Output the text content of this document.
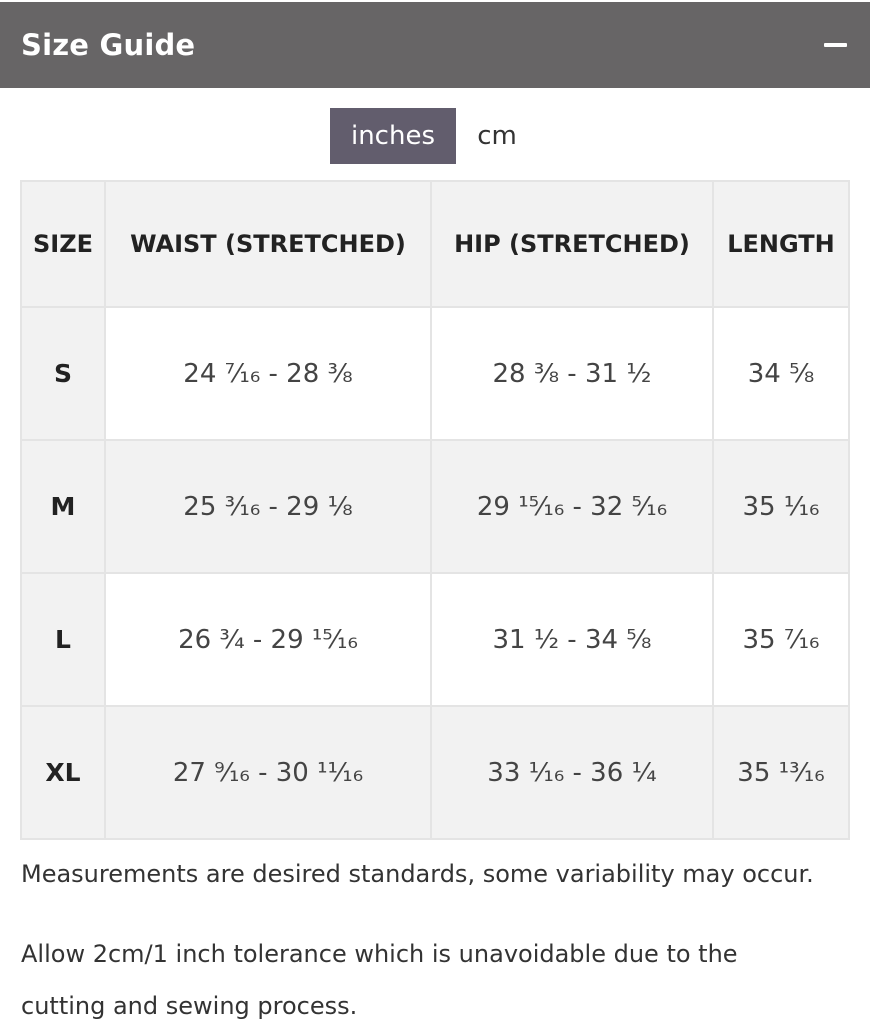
Size Guide
inches	cm
SIZE	WAIST (STRETCHED)	HIP (STRETCHED)	LENGTH
S	24 ⁷⁄₁₆ - 28 ³⁄₈	28 ³⁄₈ - 31 ¹⁄₂	34 ⁵⁄₈
M	25 ³⁄₁₆ - 29 ¹⁄₈	29 ¹⁵⁄₁₆ - 32 ⁵⁄₁₆	35 ¹⁄₁₆
L	26 ³⁄₄ - 29 ¹⁵⁄₁₆	31 ¹⁄₂ - 34 ⁵⁄₈	35 ⁷⁄₁₆
XL	27 ⁹⁄₁₆ - 30 ¹¹⁄₁₆	33 ¹⁄₁₆ - 36 ¹⁄₄	35 ¹³⁄₁₆

Measurements are desired standards, some variability may occur.

Allow 2cm/1 inch tolerance which is unavoidable due to the cutting and sewing process.
